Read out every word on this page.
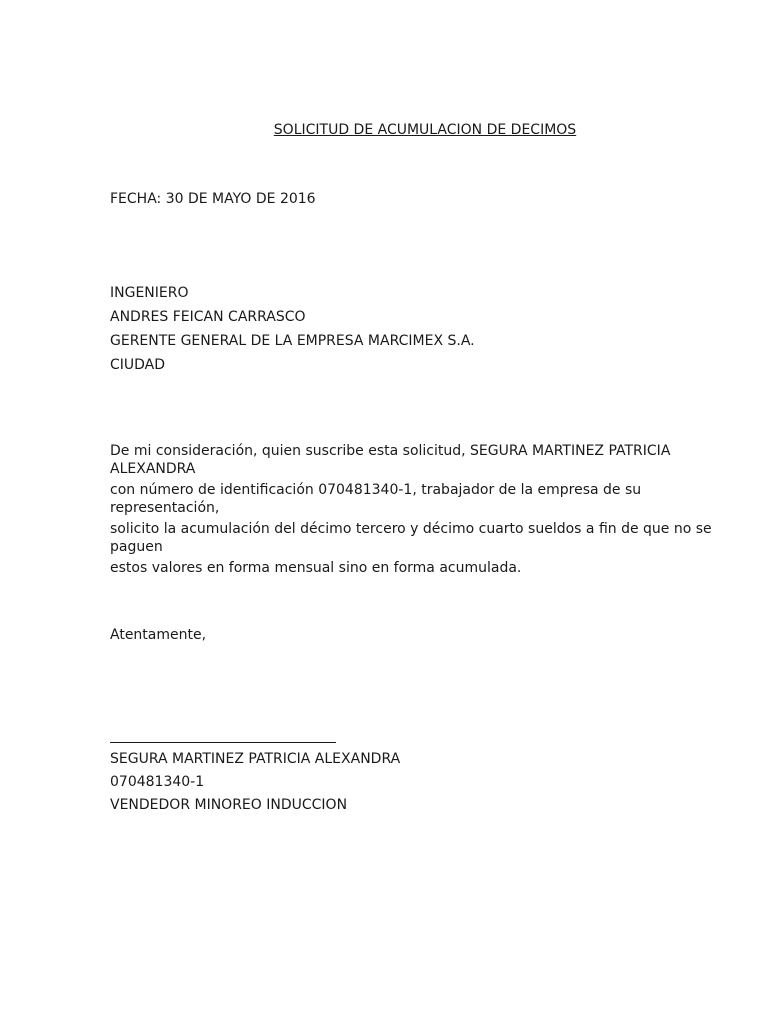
SOLICITUD DE ACUMULACION DE DECIMOS

FECHA: 30 DE MAYO DE 2016

INGENIERO
ANDRES FEICAN CARRASCO
GERENTE GENERAL DE LA EMPRESA MARCIMEX S.A.
CIUDAD
De mi consideración, quien suscribe esta solicitud, SEGURA MARTINEZ PATRICIA ALEXANDRA
con número de identificación 070481340-1, trabajador de la empresa de su representación,
solicito la acumulación del décimo tercero y décimo cuarto sueldos a fin de que no se paguen
estos valores en forma mensual sino en forma acumulada.

Atentamente,

SEGURA MARTINEZ PATRICIA ALEXANDRA
070481340-1
VENDEDOR MINOREO INDUCCION
